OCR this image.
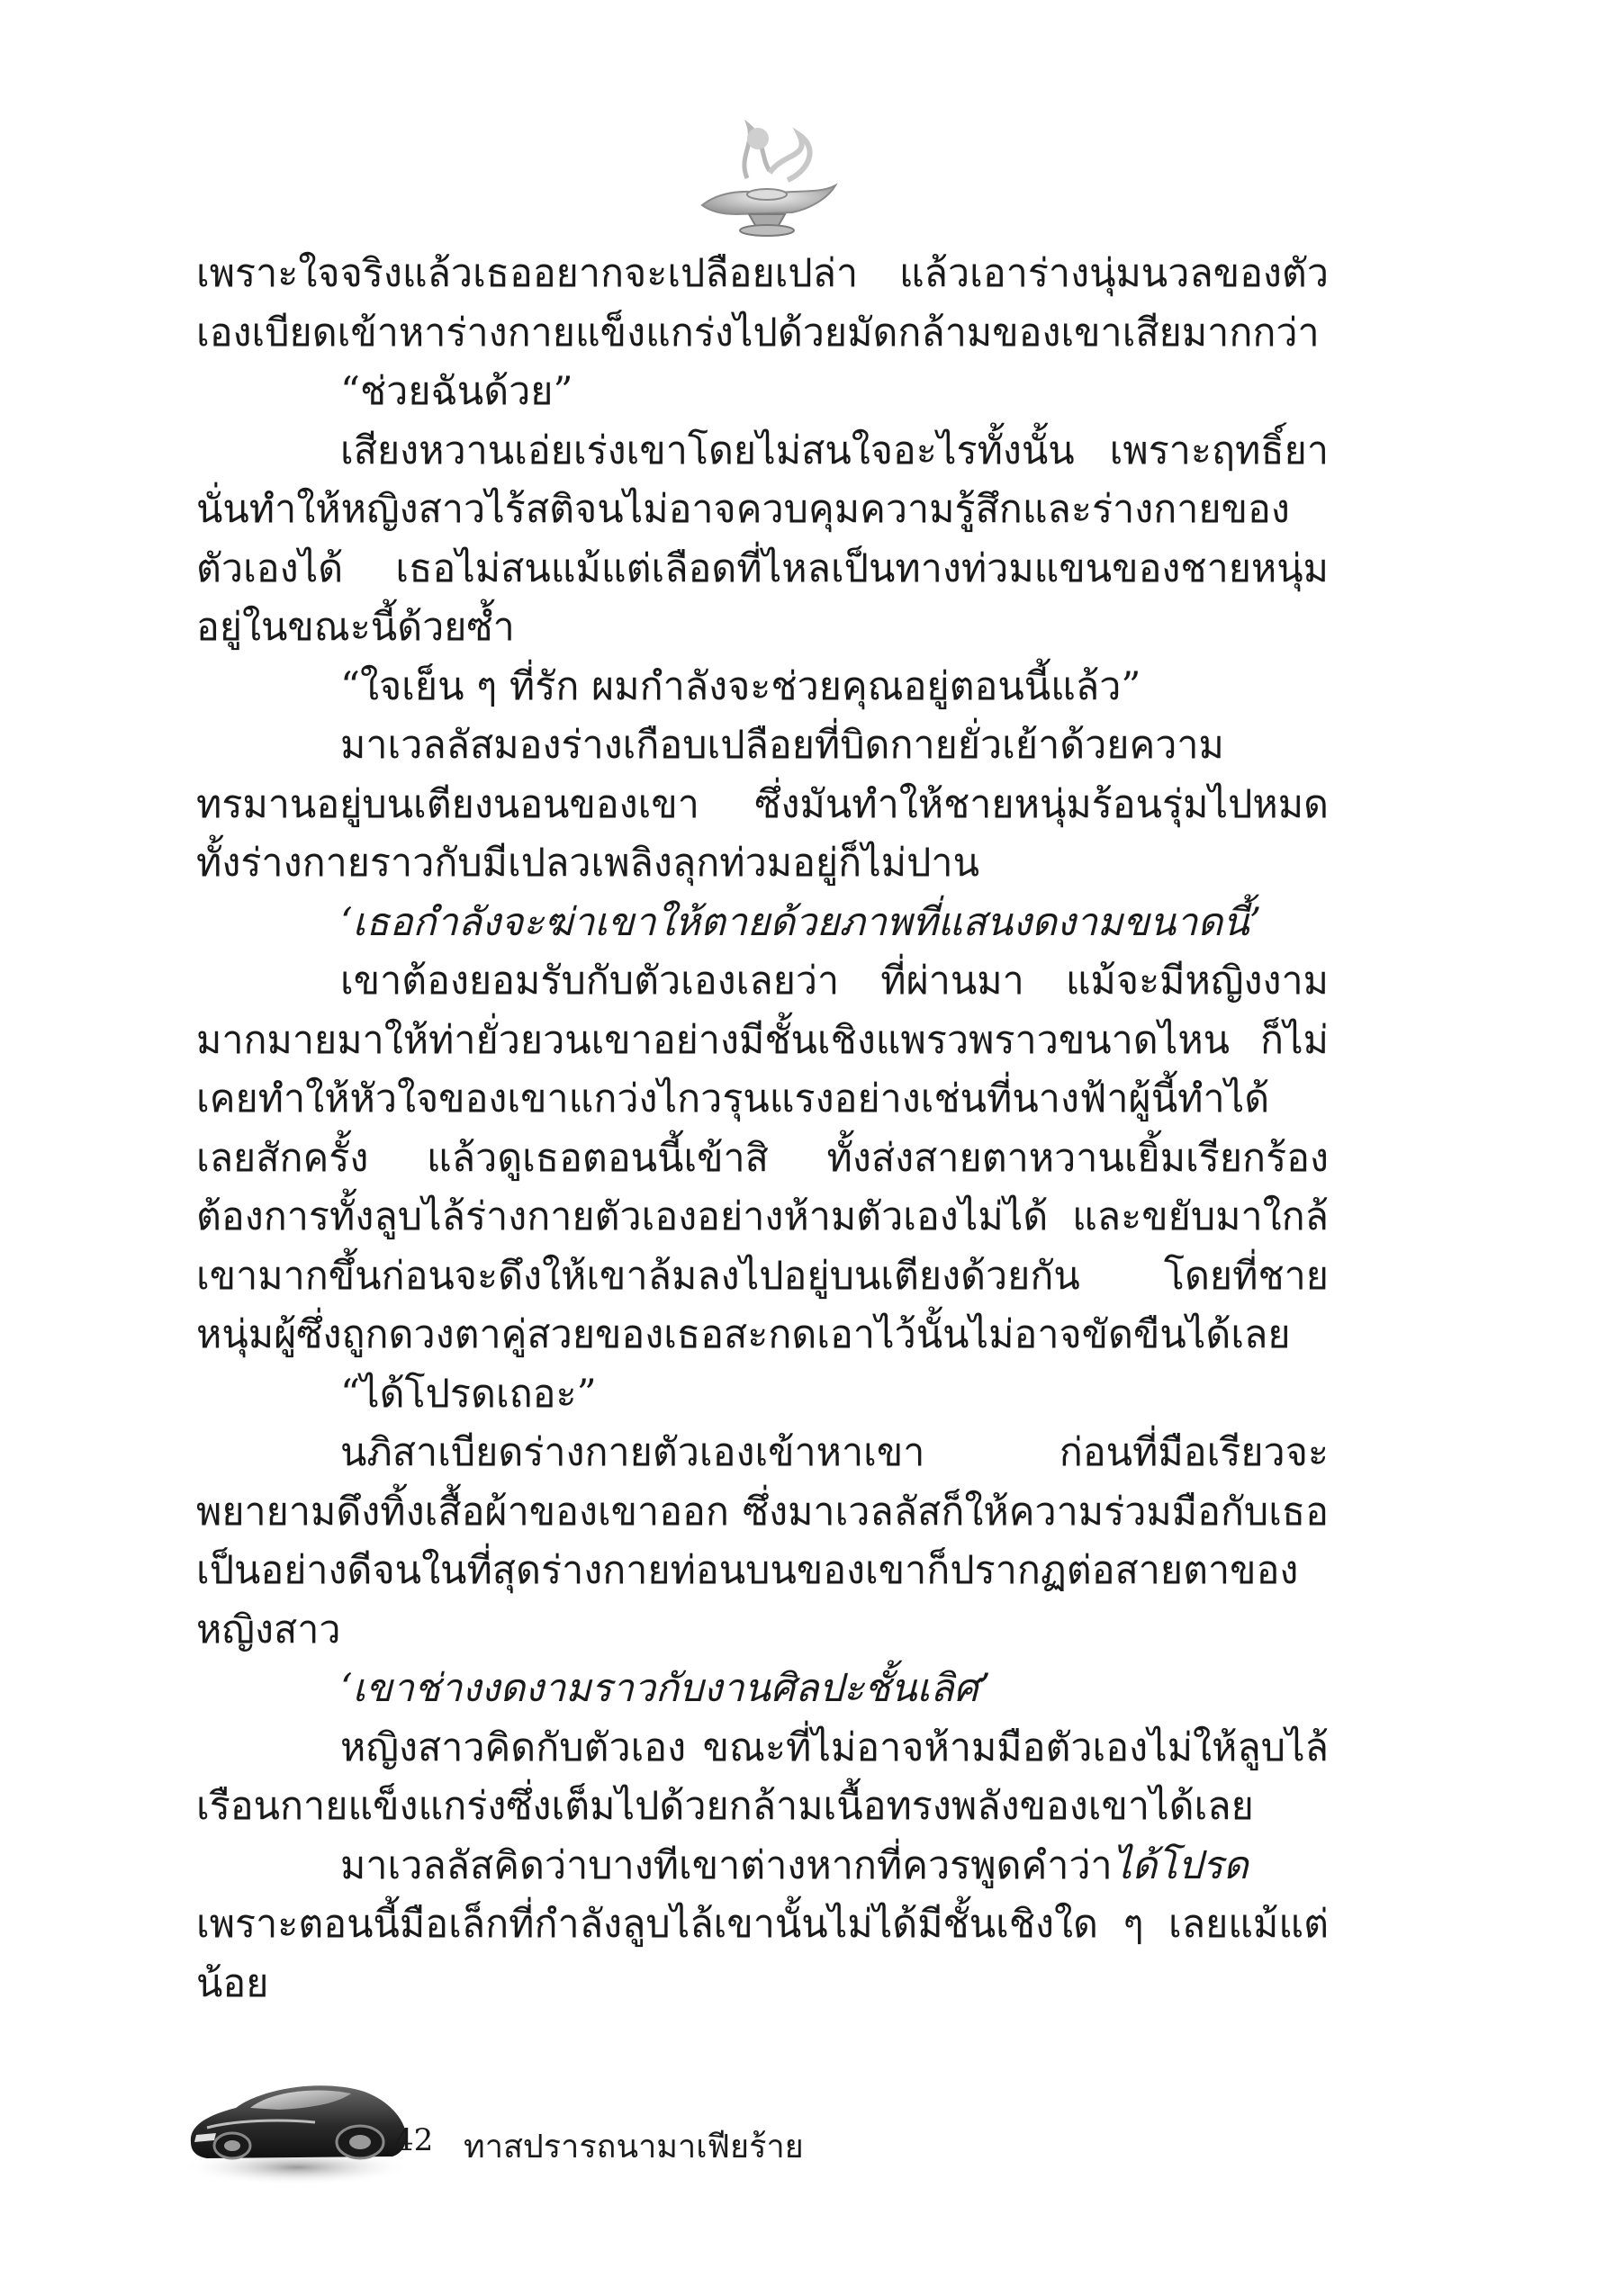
เพราะใจจริงแล้วเธออยากจะเปลือยเปล่า แล้วเอาร่างนุ่มนวลของตัวเองเบียดเข้าหาร่างกายแข็งแกร่งไปด้วยมัดกล้ามของเขาเสียมากกว่า

“ช่วยฉันด้วย”

เสียงหวานเอ่ยเร่งเขาโดยไม่สนใจอะไรทั้งนั้น เพราะฤทธิ์ยานั่นทำให้หญิงสาวไร้สติจนไม่อาจควบคุมความรู้สึกและร่างกายของตัวเองได้ เธอไม่สนแม้แต่เลือดที่ไหลเป็นทางท่วมแขนของชายหนุ่มอยู่ในขณะนี้ด้วยซ้ำ

“ใจเย็น ๆ ที่รัก ผมกำลังจะช่วยคุณอยู่ตอนนี้แล้ว”

มาเวลลัสมองร่างเกือบเปลือยที่บิดกายยั่วเย้าด้วยความทรมานอยู่บนเตียงนอนของเขา ซึ่งมันทำให้ชายหนุ่มร้อนรุ่มไปหมดทั้งร่างกายราวกับมีเปลวเพลิงลุกท่วมอยู่ก็ไม่ปาน

‘เธอกำลังจะฆ่าเขาให้ตายด้วยภาพที่แสนงดงามขนาดนี้’

เขาต้องยอมรับกับตัวเองเลยว่า ที่ผ่านมา แม้จะมีหญิงงามมากมายมาให้ท่ายั่วยวนเขาอย่างมีชั้นเชิงแพรวพราวขนาดไหน ก็ไม่เคยทำให้หัวใจของเขาแกว่งไกวรุนแรงอย่างเช่นที่นางฟ้าผู้นี้ทำได้เลยสักครั้ง แล้วดูเธอตอนนี้เข้าสิ ทั้งส่งสายตาหวานเยิ้มเรียกร้องต้องการทั้งลูบไล้ร่างกายตัวเองอย่างห้ามตัวเองไม่ได้ และขยับมาใกล้เขามากขึ้นก่อนจะดึงให้เขาล้มลงไปอยู่บนเตียงด้วยกัน โดยที่ชายหนุ่มผู้ซึ่งถูกดวงตาคู่สวยของเธอสะกดเอาไว้นั้นไม่อาจขัดขืนได้เลย

“ได้โปรดเถอะ”

นภิสาเบียดร่างกายตัวเองเข้าหาเขา ก่อนที่มือเรียวจะพยายามดึงทิ้งเสื้อผ้าของเขาออก ซึ่งมาเวลลัสก็ให้ความร่วมมือกับเธอเป็นอย่างดีจนในที่สุดร่างกายท่อนบนของเขาก็ปรากฏต่อสายตาของหญิงสาว

‘เขาช่างงดงามราวกับงานศิลปะชั้นเลิศ’

หญิงสาวคิดกับตัวเอง ขณะที่ไม่อาจห้ามมือตัวเองไม่ให้ลูบไล้เรือนกายแข็งแกร่งซึ่งเต็มไปด้วยกล้ามเนื้อทรงพลังของเขาได้เลย

มาเวลลัสคิดว่าบางทีเขาต่างหากที่ควรพูดคำว่าได้โปรด เพราะตอนนี้มือเล็กที่กำลังลูบไล้เขานั้นไม่ได้มีชั้นเชิงใด ๆ เลยแม้แต่น้อย

42 ทาสปรารถนามาเฟียร้าย
